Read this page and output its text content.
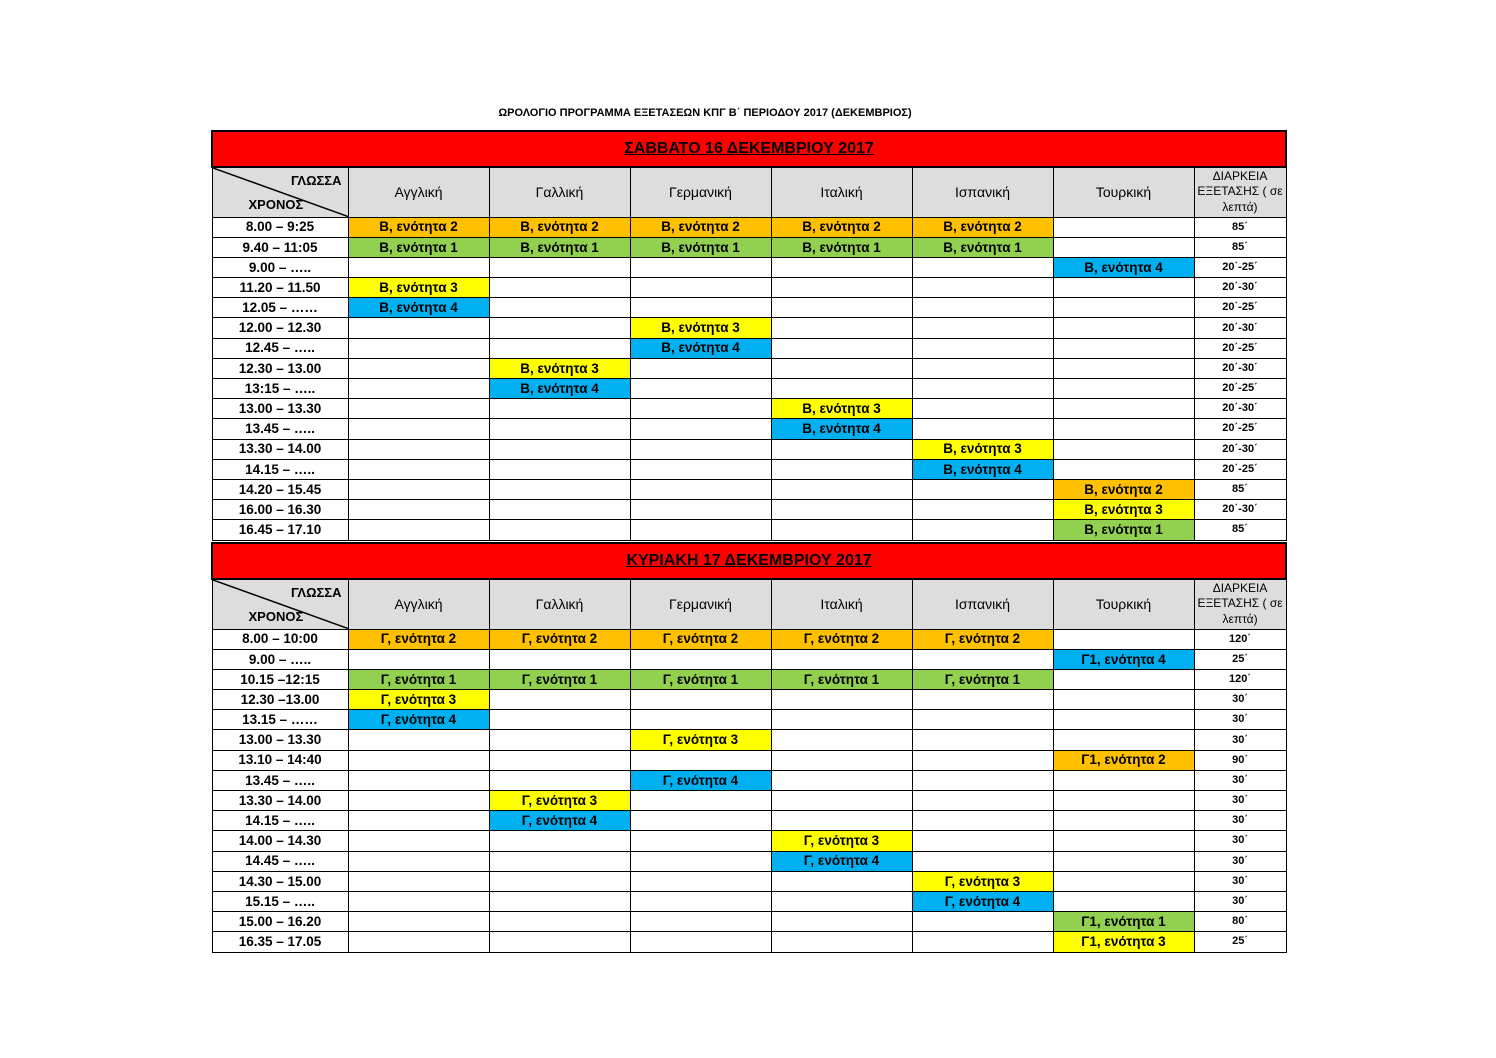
ΩΡΟΛΟΓΙΟ ΠΡΟΓΡΑΜΜΑ ΕΞΕΤΑΣΕΩΝ ΚΠΓ Β΄ ΠΕΡΙΟΔΟΥ 2017 (ΔΕΚΕΜΒΡΙΟΣ)
ΣΑΒΒΑΤΟ 16 ΔΕΚΕΜΒΡΙΟΥ 2017							

ΓΛΩΣΣΑ
ΧΡΟΝΟΣ	Αγγλική	Γαλλική	Γερμανική	Ιταλική	Ισπανική	Τουρκική	ΔΙΑΡΚΕΙΑ ΕΞΕΤΑΣΗΣ ( σε λεπτά)
8.00 – 9:25	Β, ενότητα 2	Β, ενότητα 2	Β, ενότητα 2	Β, ενότητα 2	Β, ενότητα 2		85΄
9.40 – 11:05	Β, ενότητα 1	Β, ενότητα 1	Β, ενότητα 1	Β, ενότητα 1	Β, ενότητα 1		85΄
9.00 – …..						Β, ενότητα 4	20΄-25΄
11.20 – 11.50	Β, ενότητα 3						20΄-30΄
12.05 – ……	Β, ενότητα 4						20΄-25΄
12.00 – 12.30			Β, ενότητα 3				20΄-30΄
12.45 – …..			Β, ενότητα 4				20΄-25΄
12.30 – 13.00		Β, ενότητα 3					20΄-30΄
13:15 – …..		Β, ενότητα 4					20΄-25΄
13.00 – 13.30				Β, ενότητα 3			20΄-30΄
13.45 – …..				Β, ενότητα 4			20΄-25΄
13.30 – 14.00					Β, ενότητα 3		20΄-30΄
14.15 – …..					Β, ενότητα 4		20΄-25΄
14.20 – 15.45						Β, ενότητα 2	85΄
16.00 – 16.30						Β, ενότητα 3	20΄-30΄
16.45 – 17.10						Β, ενότητα 1	85΄
ΚΥΡΙΑΚΗ 17 ΔΕΚΕΜΒΡΙΟΥ 2017							

ΓΛΩΣΣΑ
ΧΡΟΝΟΣ	Αγγλική	Γαλλική	Γερμανική	Ιταλική	Ισπανική	Τουρκική	ΔΙΑΡΚΕΙΑ ΕΞΕΤΑΣΗΣ ( σε λεπτά)
8.00 – 10:00	Γ, ενότητα 2	Γ, ενότητα 2	Γ, ενότητα 2	Γ, ενότητα 2	Γ, ενότητα 2		120΄
9.00 – …..						Γ1, ενότητα 4	25΄
10.15 –12:15	Γ, ενότητα 1	Γ, ενότητα 1	Γ, ενότητα 1	Γ, ενότητα 1	Γ, ενότητα 1		120΄
12.30 –13.00	Γ, ενότητα 3						30΄
13.15 – ……	Γ, ενότητα 4						30΄
13.00 – 13.30			Γ, ενότητα 3				30΄
13.10 – 14:40						Γ1, ενότητα 2	90΄
13.45 – …..			Γ, ενότητα 4				30΄
13.30 – 14.00		Γ, ενότητα 3					30΄
14.15 – …..		Γ, ενότητα 4					30΄
14.00 – 14.30				Γ, ενότητα 3			30΄
14.45 – …..				Γ, ενότητα 4			30΄
14.30 – 15.00					Γ, ενότητα 3		30΄
15.15 – …..					Γ, ενότητα 4		30΄
15.00 – 16.20						Γ1, ενότητα 1	80΄
16.35 – 17.05						Γ1, ενότητα 3	25΄
